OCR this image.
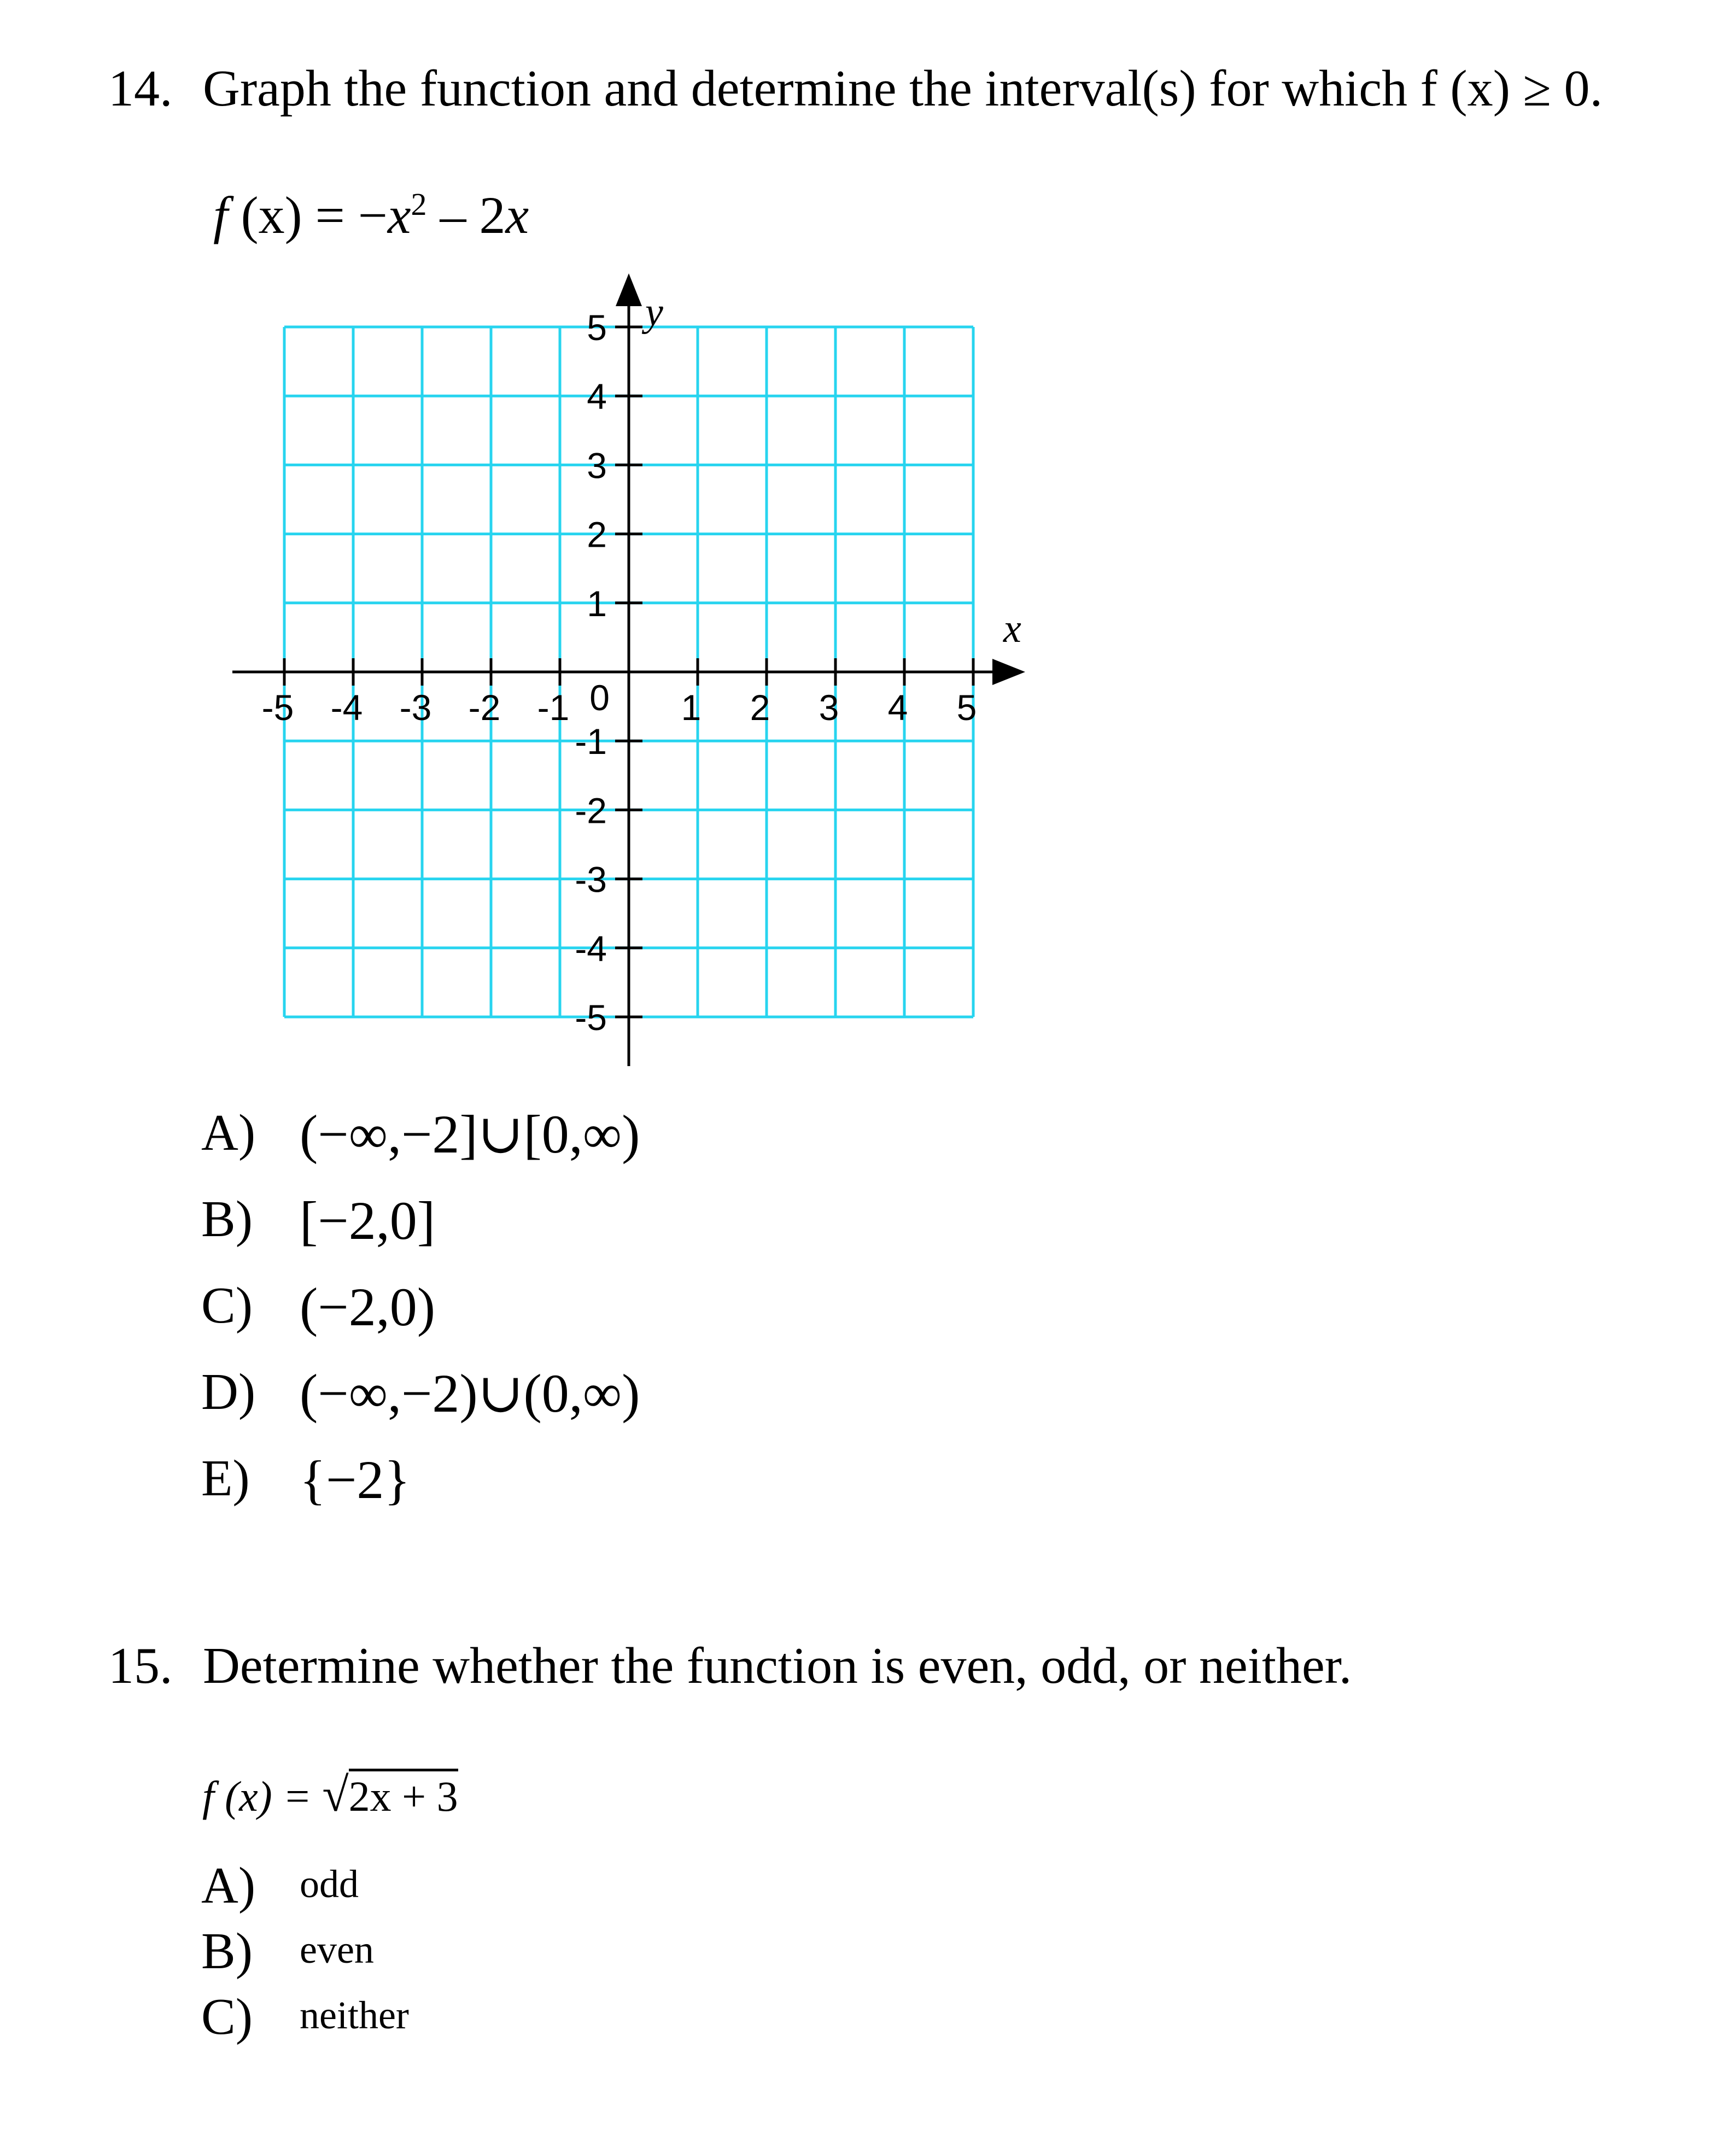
14. Graph the function and determine the interval(s) for which f (x) ≥ 0.
f $(x) = -x^2 - 2x$
-5 -4 -3 -2 -1	1 2 3 4 5
5
4
3
2
1
-1
-2
-3
-4
-5
0
x
y
A) (−∞,−2]∪[0,∞)
B) [−2,0]
C) (−2,0)
D) (−∞,−2)∪(0,∞)
E) {−2}
15. Determine whether the function is even, odd, or neither.
f (x) = √2x + 3
A) odd
B) even
C) neither
